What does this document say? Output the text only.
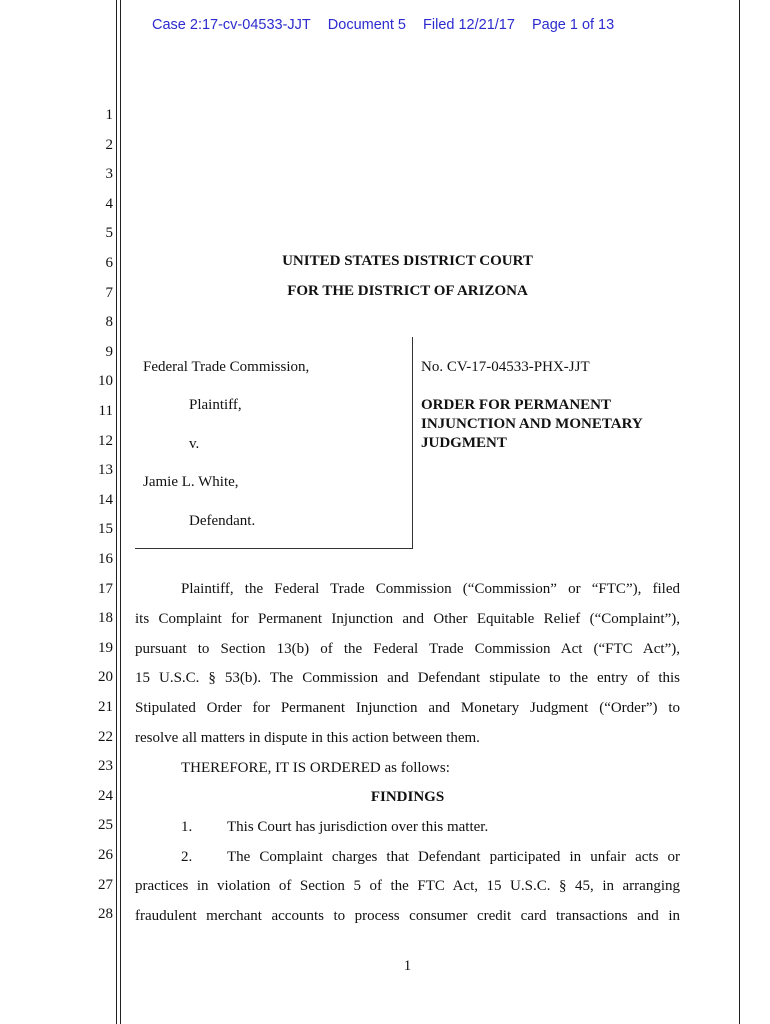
Case 2:17-cv-04533-JJT Document 5 Filed 12/21/17 Page 1 of 13
1
2
3
4
5
6
7
8
9
10
11
12
13
14
15
16
17
18
19
20
21
22
23
24
25
26
27
28
UNITED STATES DISTRICT COURT
FOR THE DISTRICT OF ARIZONA
Federal Trade Commission,
Plaintiff,
v.
Jamie L. White,
Defendant.
No. CV-17-04533-PHX-JJT
ORDER FOR PERMANENT
INJUNCTION AND MONETARY
JUDGMENT
Plaintiff, the Federal Trade Commission (“Commission” or “FTC”), filed
its Complaint for Permanent Injunction and Other Equitable Relief (“Complaint”),
pursuant to Section 13(b) of the Federal Trade Commission Act (“FTC Act”),
15 U.S.C. § 53(b). The Commission and Defendant stipulate to the entry of this
Stipulated Order for Permanent Injunction and Monetary Judgment (“Order”) to
resolve all matters in dispute in this action between them.
THEREFORE, IT IS ORDERED as follows:
FINDINGS
1. This Court has jurisdiction over this matter.
2. The Complaint charges that Defendant participated in unfair acts or
practices in violation of Section 5 of the FTC Act, 15 U.S.C. § 45, in arranging
fraudulent merchant accounts to process consumer credit card transactions and in
1
